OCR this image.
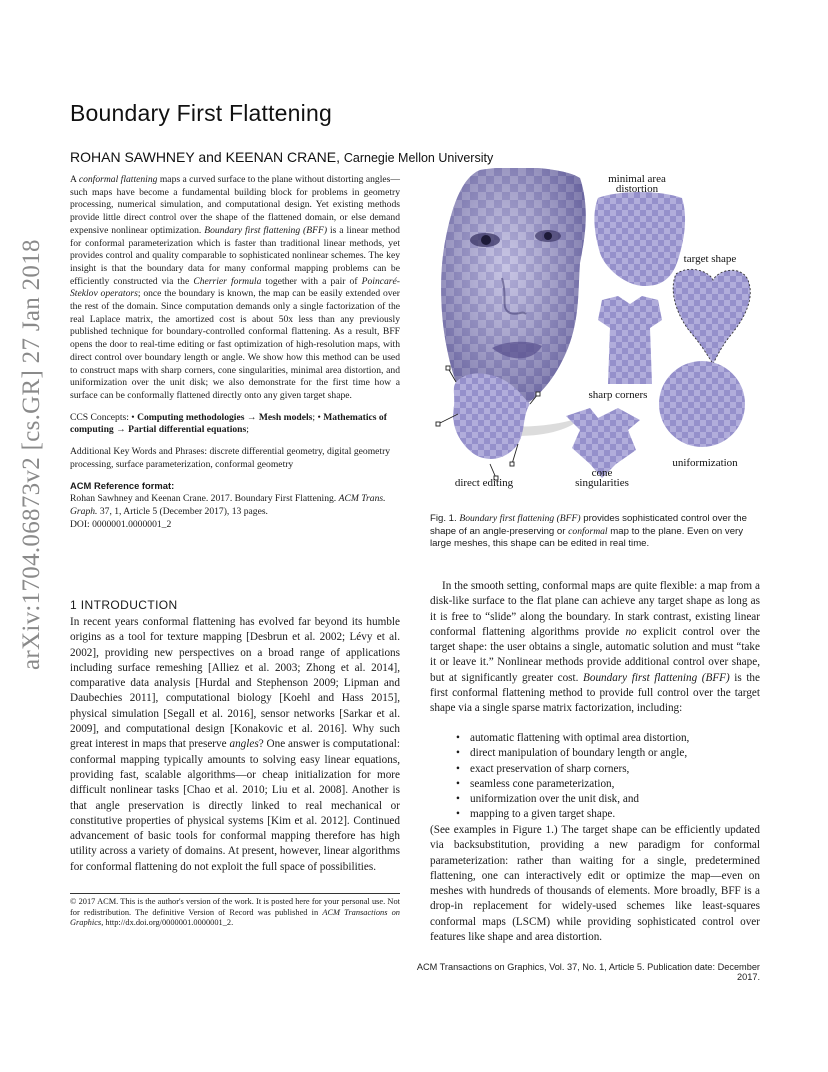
arXiv:1704.06873v2 [cs.GR] 27 Jan 2018
Boundary First Flattening
ROHAN SAWHNEY and KEENAN CRANE, Carnegie Mellon University

A conformal flattening maps a curved surface to the plane without distorting angles—such maps have become a fundamental building block for problems in geometry processing, numerical simulation, and computational design. Yet existing methods provide little direct control over the shape of the flattened domain, or else demand expensive nonlinear optimization. Boundary first flattening (BFF) is a linear method for conformal parameterization which is faster than traditional linear methods, yet provides control and quality comparable to sophisticated nonlinear schemes. The key insight is that the boundary data for many conformal mapping problems can be efficiently constructed via the Cherrier formula together with a pair of Poincaré-Steklov operators; once the boundary is known, the map can be easily extended over the rest of the domain. Since computation demands only a single factorization of the real Laplace matrix, the amortized cost is about 50x less than any previously published technique for boundary-controlled conformal flattening. As a result, BFF opens the door to real-time editing or fast optimization of high-resolution maps, with direct control over boundary length or angle. We show how this method can be used to construct maps with sharp corners, cone singularities, minimal area distortion, and uniformization over the unit disk; we also demonstrate for the first time how a surface can be conformally flattened directly onto any given target shape.

CCS Concepts: • Computing methodologies → Mesh models; • Mathematics of computing → Partial differential equations;

Additional Key Words and Phrases: discrete differential geometry, digital geometry processing, surface parameterization, conformal geometry

ACM Reference format:
Rohan Sawhney and Keenan Crane. 2017. Boundary First Flattening. ACM Trans. Graph. 37, 1, Article 5 (December 2017), 13 pages.
DOI: 0000001.0000001_2
1 INTRODUCTION

In recent years conformal flattening has evolved far beyond its humble origins as a tool for texture mapping [Desbrun et al. 2002; Lévy et al. 2002], providing new perspectives on a broad range of applications including surface remeshing [Alliez et al. 2003; Zhong et al. 2014], comparative data analysis [Hurdal and Stephenson 2009; Lipman and Daubechies 2011], computational biology [Koehl and Hass 2015], physical simulation [Segall et al. 2016], sensor networks [Sarkar et al. 2009], and computational design [Konakovic et al. 2016]. Why such great interest in maps that preserve angles? One answer is computational: conformal mapping typically amounts to solving easy linear equations, providing fast, scalable algorithms—or cheap initialization for more difficult nonlinear tasks [Chao et al. 2010; Liu et al. 2008]. Another is that angle preservation is directly linked to real mechanical or constitutive properties of physical systems [Kim et al. 2012]. Continued advancement of basic tools for conformal mapping therefore has high utility across a variety of domains. At present, however, linear algorithms for conformal flattening do not exploit the full space of possibilities.

© 2017 ACM. This is the author's version of the work. It is posted here for your personal use. Not for redistribution. The definitive Version of Record was published in ACM Transactions on Graphics, http://dx.doi.org/0000001.0000001_2.

minimal area
distortion
target shape
sharp corners
uniformization
cone
singularities
direct editing

Fig. 1. Boundary first flattening (BFF) provides sophisticated control over the shape of an angle-preserving or conformal map to the plane. Even on very large meshes, this shape can be edited in real time.

In the smooth setting, conformal maps are quite flexible: a map from a disk-like surface to the flat plane can achieve any target shape as long as it is free to “slide” along the boundary. In stark contrast, existing linear conformal flattening algorithms provide no explicit control over the target shape: the user obtains a single, automatic solution and must “take it or leave it.” Nonlinear methods provide additional control over shape, but at significantly greater cost. Boundary first flattening (BFF) is the first conformal flattening method to provide full control over the target shape via a single sparse matrix factorization, including:

• automatic flattening with optimal area distortion,
• direct manipulation of boundary length or angle,
• exact preservation of sharp corners,
• seamless cone parameterization,
• uniformization over the unit disk, and
• mapping to a given target shape.

(See examples in Figure 1.) The target shape can be efficiently updated via backsubstitution, providing a new paradigm for conformal parameterization: rather than waiting for a single, predetermined flattening, one can interactively edit or optimize the map—even on meshes with hundreds of thousands of elements. More broadly, BFF is a drop-in replacement for widely-used schemes like least-squares conformal maps (LSCM) while providing sophisticated control over features like shape and area distortion.

ACM Transactions on Graphics, Vol. 37, No. 1, Article 5. Publication date: December 2017.
